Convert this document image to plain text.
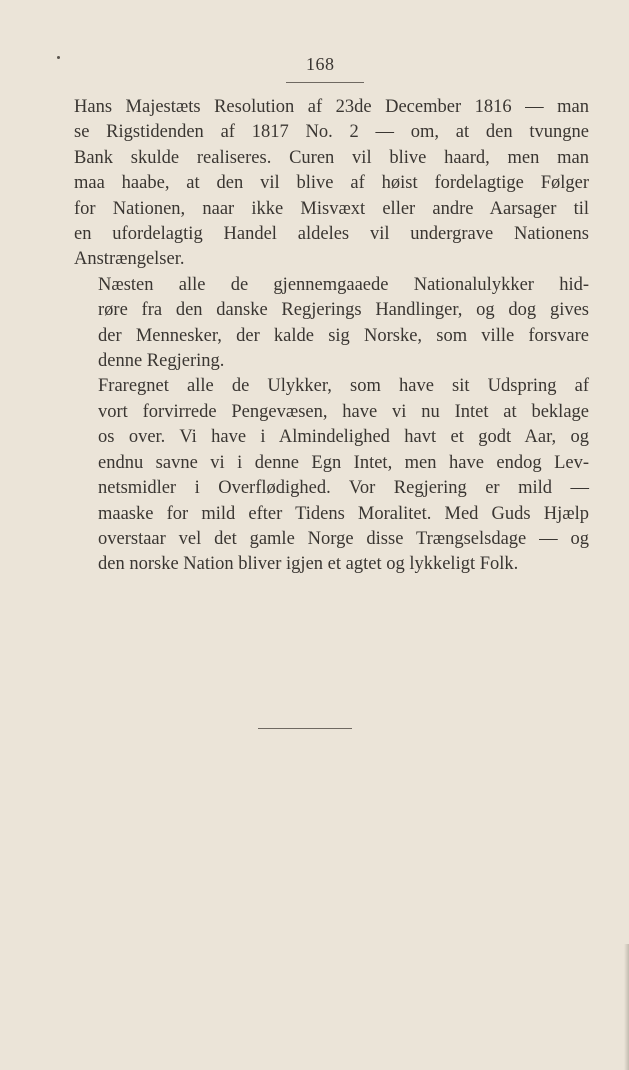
168

Hans Majestæts Resolution af 23de December 1816 — man
se Rigstidenden af 1817 No. 2 — om, at den tvungne
Bank skulde realiseres. Curen vil blive haard, men man
maa haabe, at den vil blive af høist fordelagtige Følger
for Nationen, naar ikke Misvæxt eller andre Aarsager til
en ufordelagtig Handel aldeles vil undergrave Nationens
Anstrængelser.

Næsten alle de gjennemgaaede Nationalulykker hid-
røre fra den danske Regjerings Handlinger, og dog gives
der Mennesker, der kalde sig Norske, som ville forsvare
denne Regjering.

Fraregnet alle de Ulykker, som have sit Udspring af
vort forvirrede Pengevæsen, have vi nu Intet at beklage
os over. Vi have i Almindelighed havt et godt Aar, og
endnu savne vi i denne Egn Intet, men have endog Lev-
netsmidler i Overflødighed. Vor Regjering er mild —
maaske for mild efter Tidens Moralitet. Med Guds Hjælp
overstaar vel det gamle Norge disse Trængselsdage — og
den norske Nation bliver igjen et agtet og lykkeligt Folk.
